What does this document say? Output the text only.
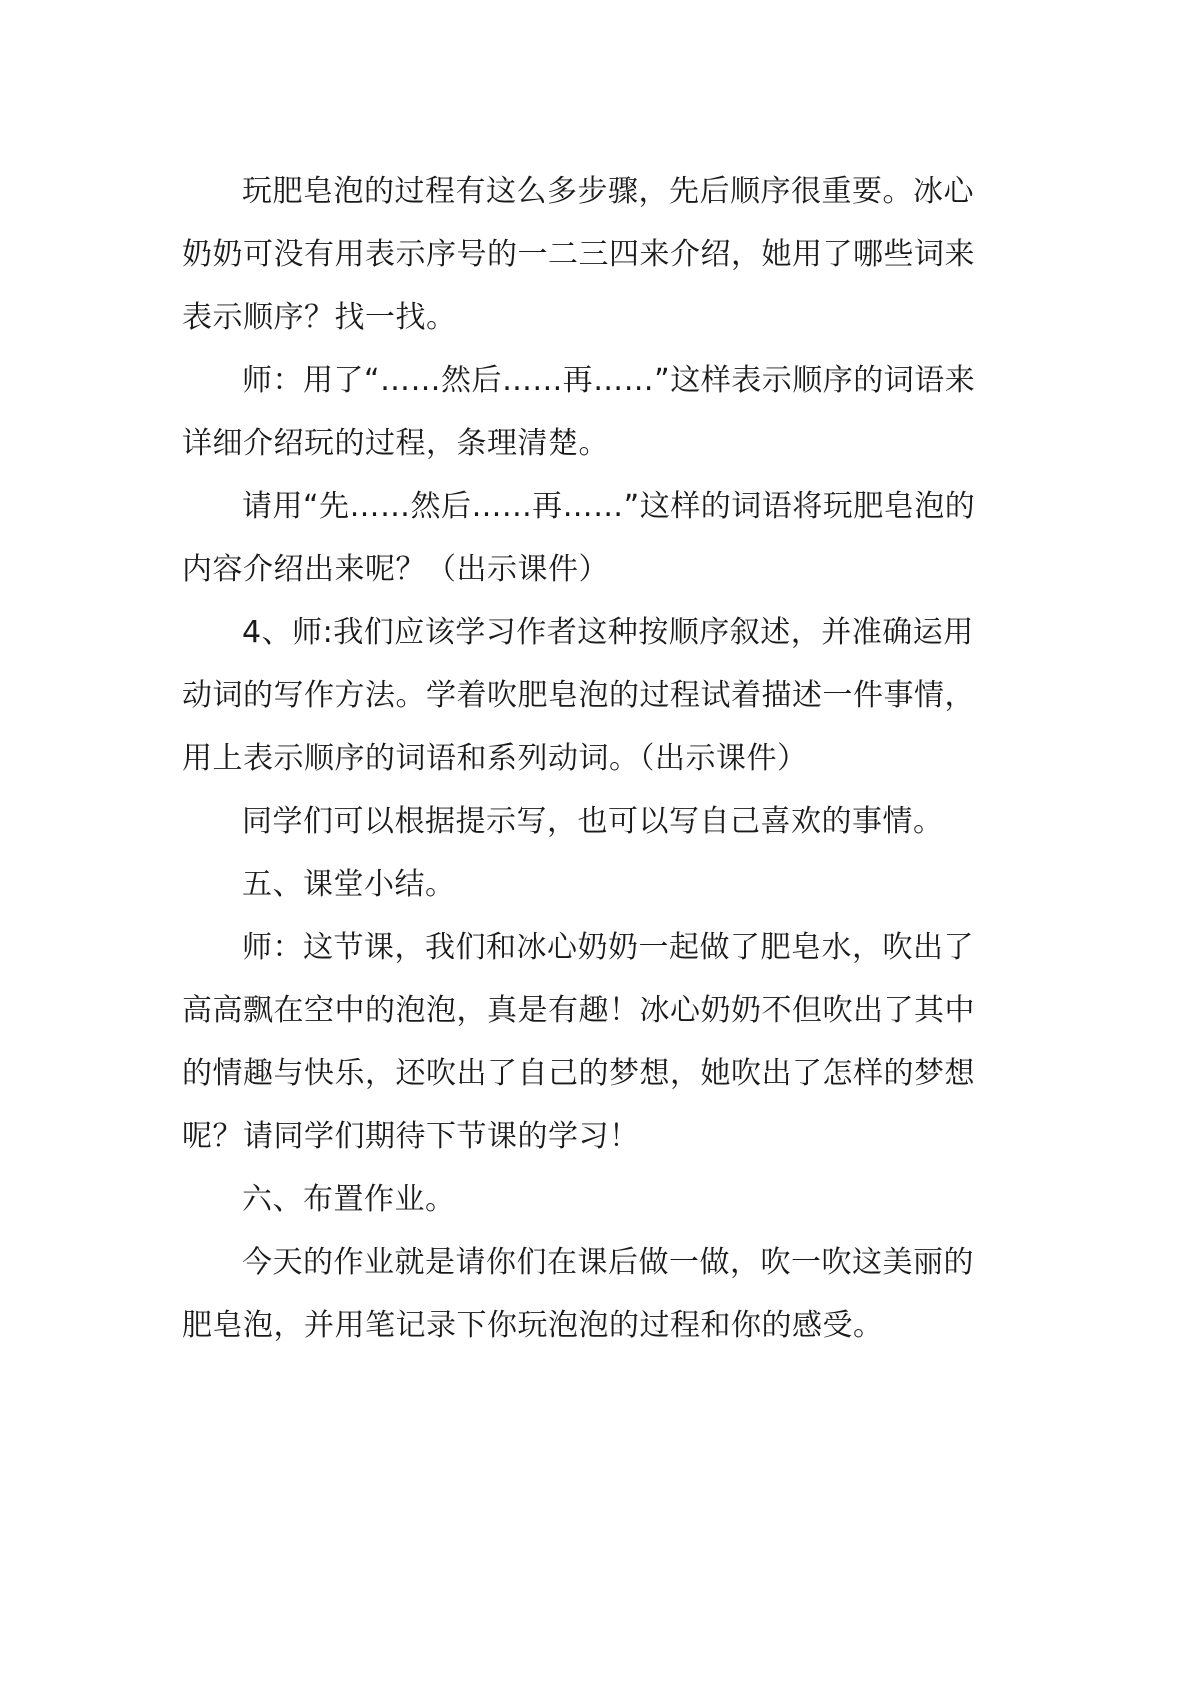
玩肥皂泡的过程有这么多步骤，先后顺序很重要。冰心奶奶可没有用表示序号的一二三四来介绍，她用了哪些词来表示顺序？找一找。

师：用了“……然后…...再……”这样表示顺序的词语来详细介绍玩的过程，条理清楚。

请用“先……然后…...再……”这样的词语将玩肥皂泡的内容介绍出来呢？（出示课件）

4、师:我们应该学习作者这种按顺序叙述，并准确运用动词的写作方法。学着吹肥皂泡的过程试着描述一件事情，用上表示顺序的词语和系列动词。（出示课件）

同学们可以根据提示写，也可以写自己喜欢的事情。

五、课堂小结。

师：这节课，我们和冰心奶奶一起做了肥皂水，吹出了高高飘在空中的泡泡，真是有趣！冰心奶奶不但吹出了其中的情趣与快乐，还吹出了自己的梦想，她吹出了怎样的梦想呢？请同学们期待下节课的学习！

六、布置作业。

今天的作业就是请你们在课后做一做，吹一吹这美丽的肥皂泡，并用笔记录下你玩泡泡的过程和你的感受。
